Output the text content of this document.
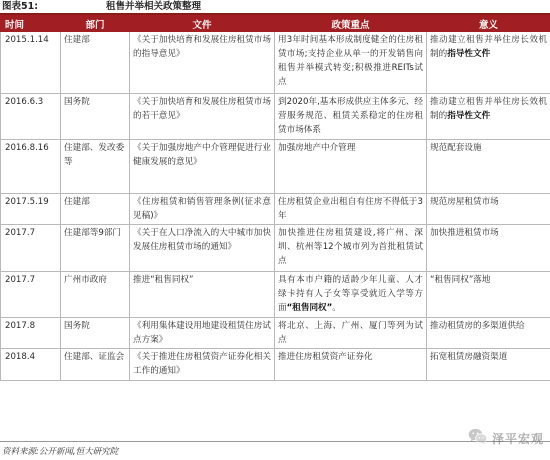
图表51:	租售并举相关政策整理
时间	部门	文件	政策重点	意义
2015.1.14	住建部	《关于加快培育和发展住房租赁市场的指导意见》	用3年时间基本形成制度健全的住房租赁市场;支持企业从单一的开发销售向租售并举模式转变;积极推进REITs试点	推动建立租售并举住房长效机制的指导性文件
2016.6.3	国务院	《关于加快培育和发展住房租赁市场的若干意见》	到2020年,基本形成供应主体多元、经营服务规范、租赁关系稳定的住房租赁市场体系	推动建立租售并举住房长效机制的指导性文件
2016.8.16	住建部、发改委等	《关于加强房地产中介管理促进行业健康发展的意见》	加强房地产中介管理	规范配套设施
2017.5.19	住建部	《住房租赁和销售管理条例(征求意见稿)》	住房租赁企业出租自有住房不得低于3年	规范房屋租赁市场
2017.7	住建部等9部门	《关于在人口净流入的大中城市加快发展住房租赁市场的通知》	加快推进住房租赁建设,将广州、深圳、杭州等12个城市列为首批租赁试点	加快推进租赁市场
2017.7	广州市政府	推进“租售同权”	具有本市户籍的适龄少年儿童、人才绿卡持有人子女等享受就近入学等方面“租售同权”。	“租售同权”落地
2017.8	国务院	《利用集体建设用地建设租赁住房试点方案》	将北京、上海、广州、厦门等列为试点	推动租赁房的多渠道供给
2018.4	住建部、证监会	《关于推进住房租赁资产证券化相关工作的通知》	推进住房租赁资产证券化	拓宽租赁房融资渠道
资料来源:公开新闻,恒大研究院
泽平宏观
